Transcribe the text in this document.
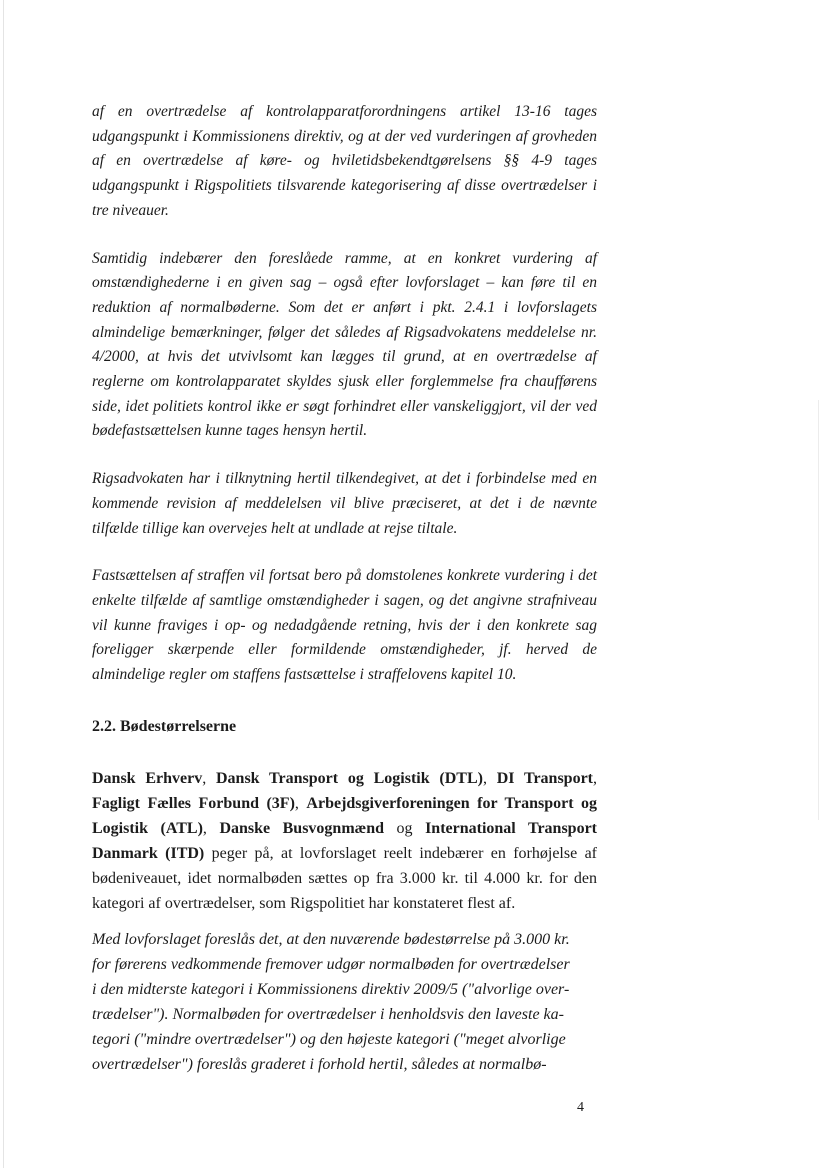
af en overtrædelse af kontrolapparatforordningens artikel 13-16 tages udgangspunkt i Kommissionens direktiv, og at der ved vurderingen af grovheden af en overtrædelse af køre- og hviletidsbekendtgørelsens §§ 4-9 tages udgangspunkt i Rigspolitiets tilsvarende kategorisering af disse overtrædelser i tre niveauer.

Samtidig indebærer den foreslåede ramme, at en konkret vurdering af omstændighederne i en given sag – også efter lovforslaget – kan føre til en reduktion af normalbøderne. Som det er anført i pkt. 2.4.1 i lovforslagets almindelige bemærkninger, følger det således af Rigsadvokatens meddelelse nr. 4/2000, at hvis det utvivlsomt kan lægges til grund, at en overtrædelse af reglerne om kontrolapparatet skyldes sjusk eller forglemmelse fra chaufførens side, idet politiets kontrol ikke er søgt forhindret eller vanskeliggjort, vil der ved bødefastsættelsen kunne tages hensyn hertil.

Rigsadvokaten har i tilknytning hertil tilkendegivet, at det i forbindelse med en kommende revision af meddelelsen vil blive præciseret, at det i de nævnte tilfælde tillige kan overvejes helt at undlade at rejse tiltale.

Fastsættelsen af straffen vil fortsat bero på domstolenes konkrete vurdering i det enkelte tilfælde af samtlige omstændigheder i sagen, og det angivne strafniveau vil kunne fraviges i op- og nedadgående retning, hvis der i den konkrete sag foreligger skærpende eller formildende omstændigheder, jf. herved de almindelige regler om staffens fastsættelse i straffelovens kapitel 10.

2.2. Bødestørrelserne

Dansk Erhverv, Dansk Transport og Logistik (DTL), DI Transport, Fagligt Fælles Forbund (3F), Arbejdsgiverforeningen for Transport og Logistik (ATL), Danske Busvognmænd og International Transport Danmark (ITD) peger på, at lovforslaget reelt indebærer en forhøjelse af bødeniveauet, idet normalbøden sættes op fra 3.000 kr. til 4.000 kr. for den kategori af overtrædelser, som Rigspolitiet har konstateret flest af.

Med lovforslaget foreslås det, at den nuværende bødestørrelse på 3.000 kr.
for førerens vedkommende fremover udgør normalbøden for overtrædelser
i den midterste kategori i Kommissionens direktiv 2009/5 ("alvorlige over-
trædelser"). Normalbøden for overtrædelser i henholdsvis den laveste ka-
tegori ("mindre overtrædelser") og den højeste kategori ("meget alvorlige
overtrædelser") foreslås graderet i forhold hertil, således at normalbø-

4
